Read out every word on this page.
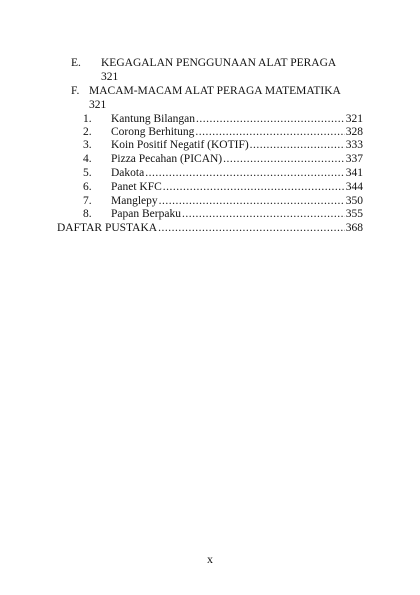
E. KEGAGALAN PENGGUNAAN ALAT PERAGA
321
F. MACAM-MACAM ALAT PERAGA MATEMATIKA
321
1. Kantung Bilangan .....	321
2. Corong Berhitung .....	328
3. Koin Positif Negatif (KOTIF) .....	333
4. Pizza Pecahan (PICAN) .....	337
5. Dakota .....	341
6. Panet KFC .....	344
7. Manglepy .....	350
8. Papan Berpaku .....	355
DAFTAR PUSTAKA .....	368
x
